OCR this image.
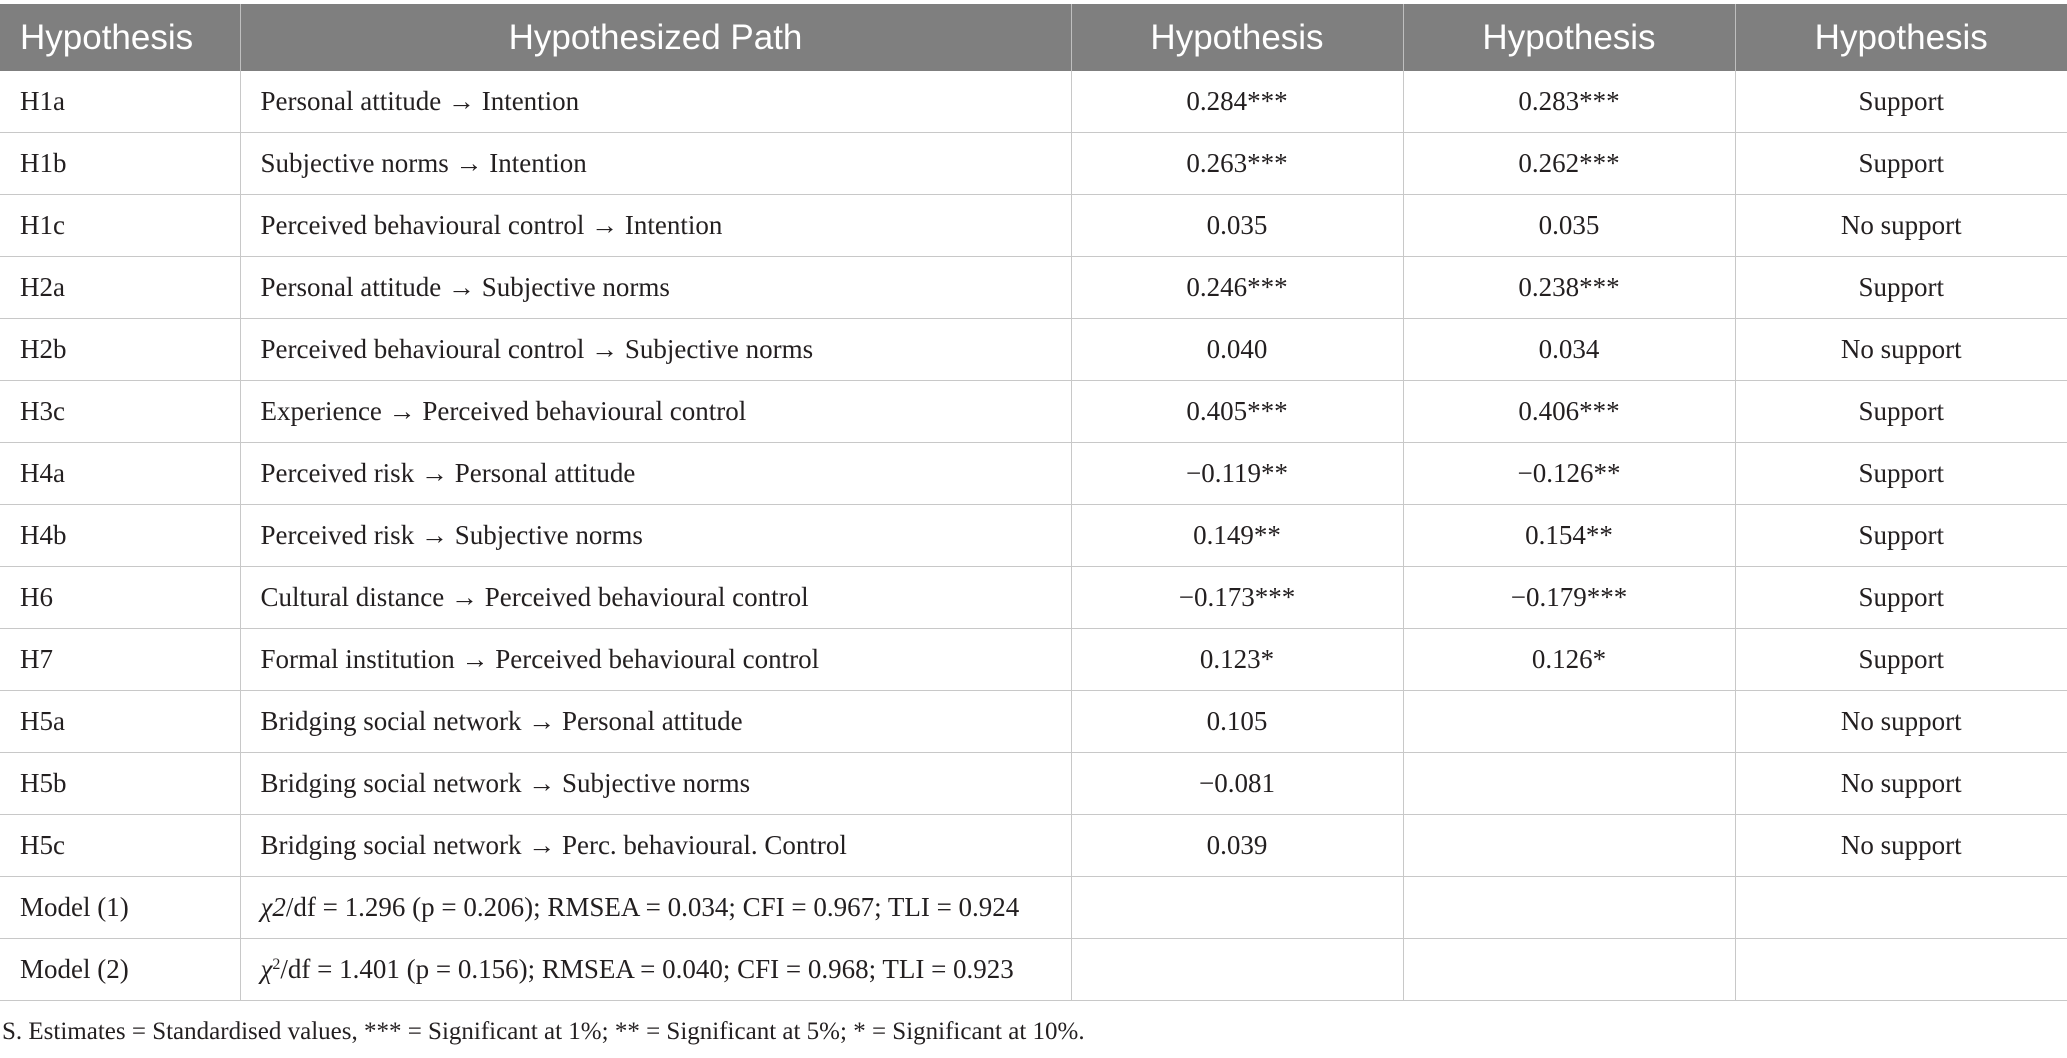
Hypothesis	Hypothesized Path	Hypothesis	Hypothesis	Hypothesis
H1a	Personal attitude → Intention	0.284***	0.283***	Support
H1b	Subjective norms → Intention	0.263***	0.262***	Support
H1c	Perceived behavioural control → Intention	0.035	0.035	No support
H2a	Personal attitude → Subjective norms	0.246***	0.238***	Support
H2b	Perceived behavioural control → Subjective norms	0.040	0.034	No support
H3c	Experience → Perceived behavioural control	0.405***	0.406***	Support
H4a	Perceived risk → Personal attitude	−0.119**	−0.126**	Support
H4b	Perceived risk → Subjective norms	0.149**	0.154**	Support
H6	Cultural distance → Perceived behavioural control	−0.173***	−0.179***	Support
H7	Formal institution → Perceived behavioural control	0.123*	0.126*	Support
H5a	Bridging social network → Personal attitude	0.105		No support
H5b	Bridging social network → Subjective norms	−0.081		No support
H5c	Bridging social network → Perc. behavioural. Control	0.039		No support
Model (1)	χ2/df = 1.296 (p = 0.206); RMSEA = 0.034; CFI = 0.967; TLI = 0.924			
Model (2)	$\chi^2/df = 1.401$ (p = 0.156); RMSEA = 0.040; CFI = 0.968; TLI = 0.923			
S. Estimates = Standardised values, *** = Significant at 1%; ** = Significant at 5%; * = Significant at 10%.
